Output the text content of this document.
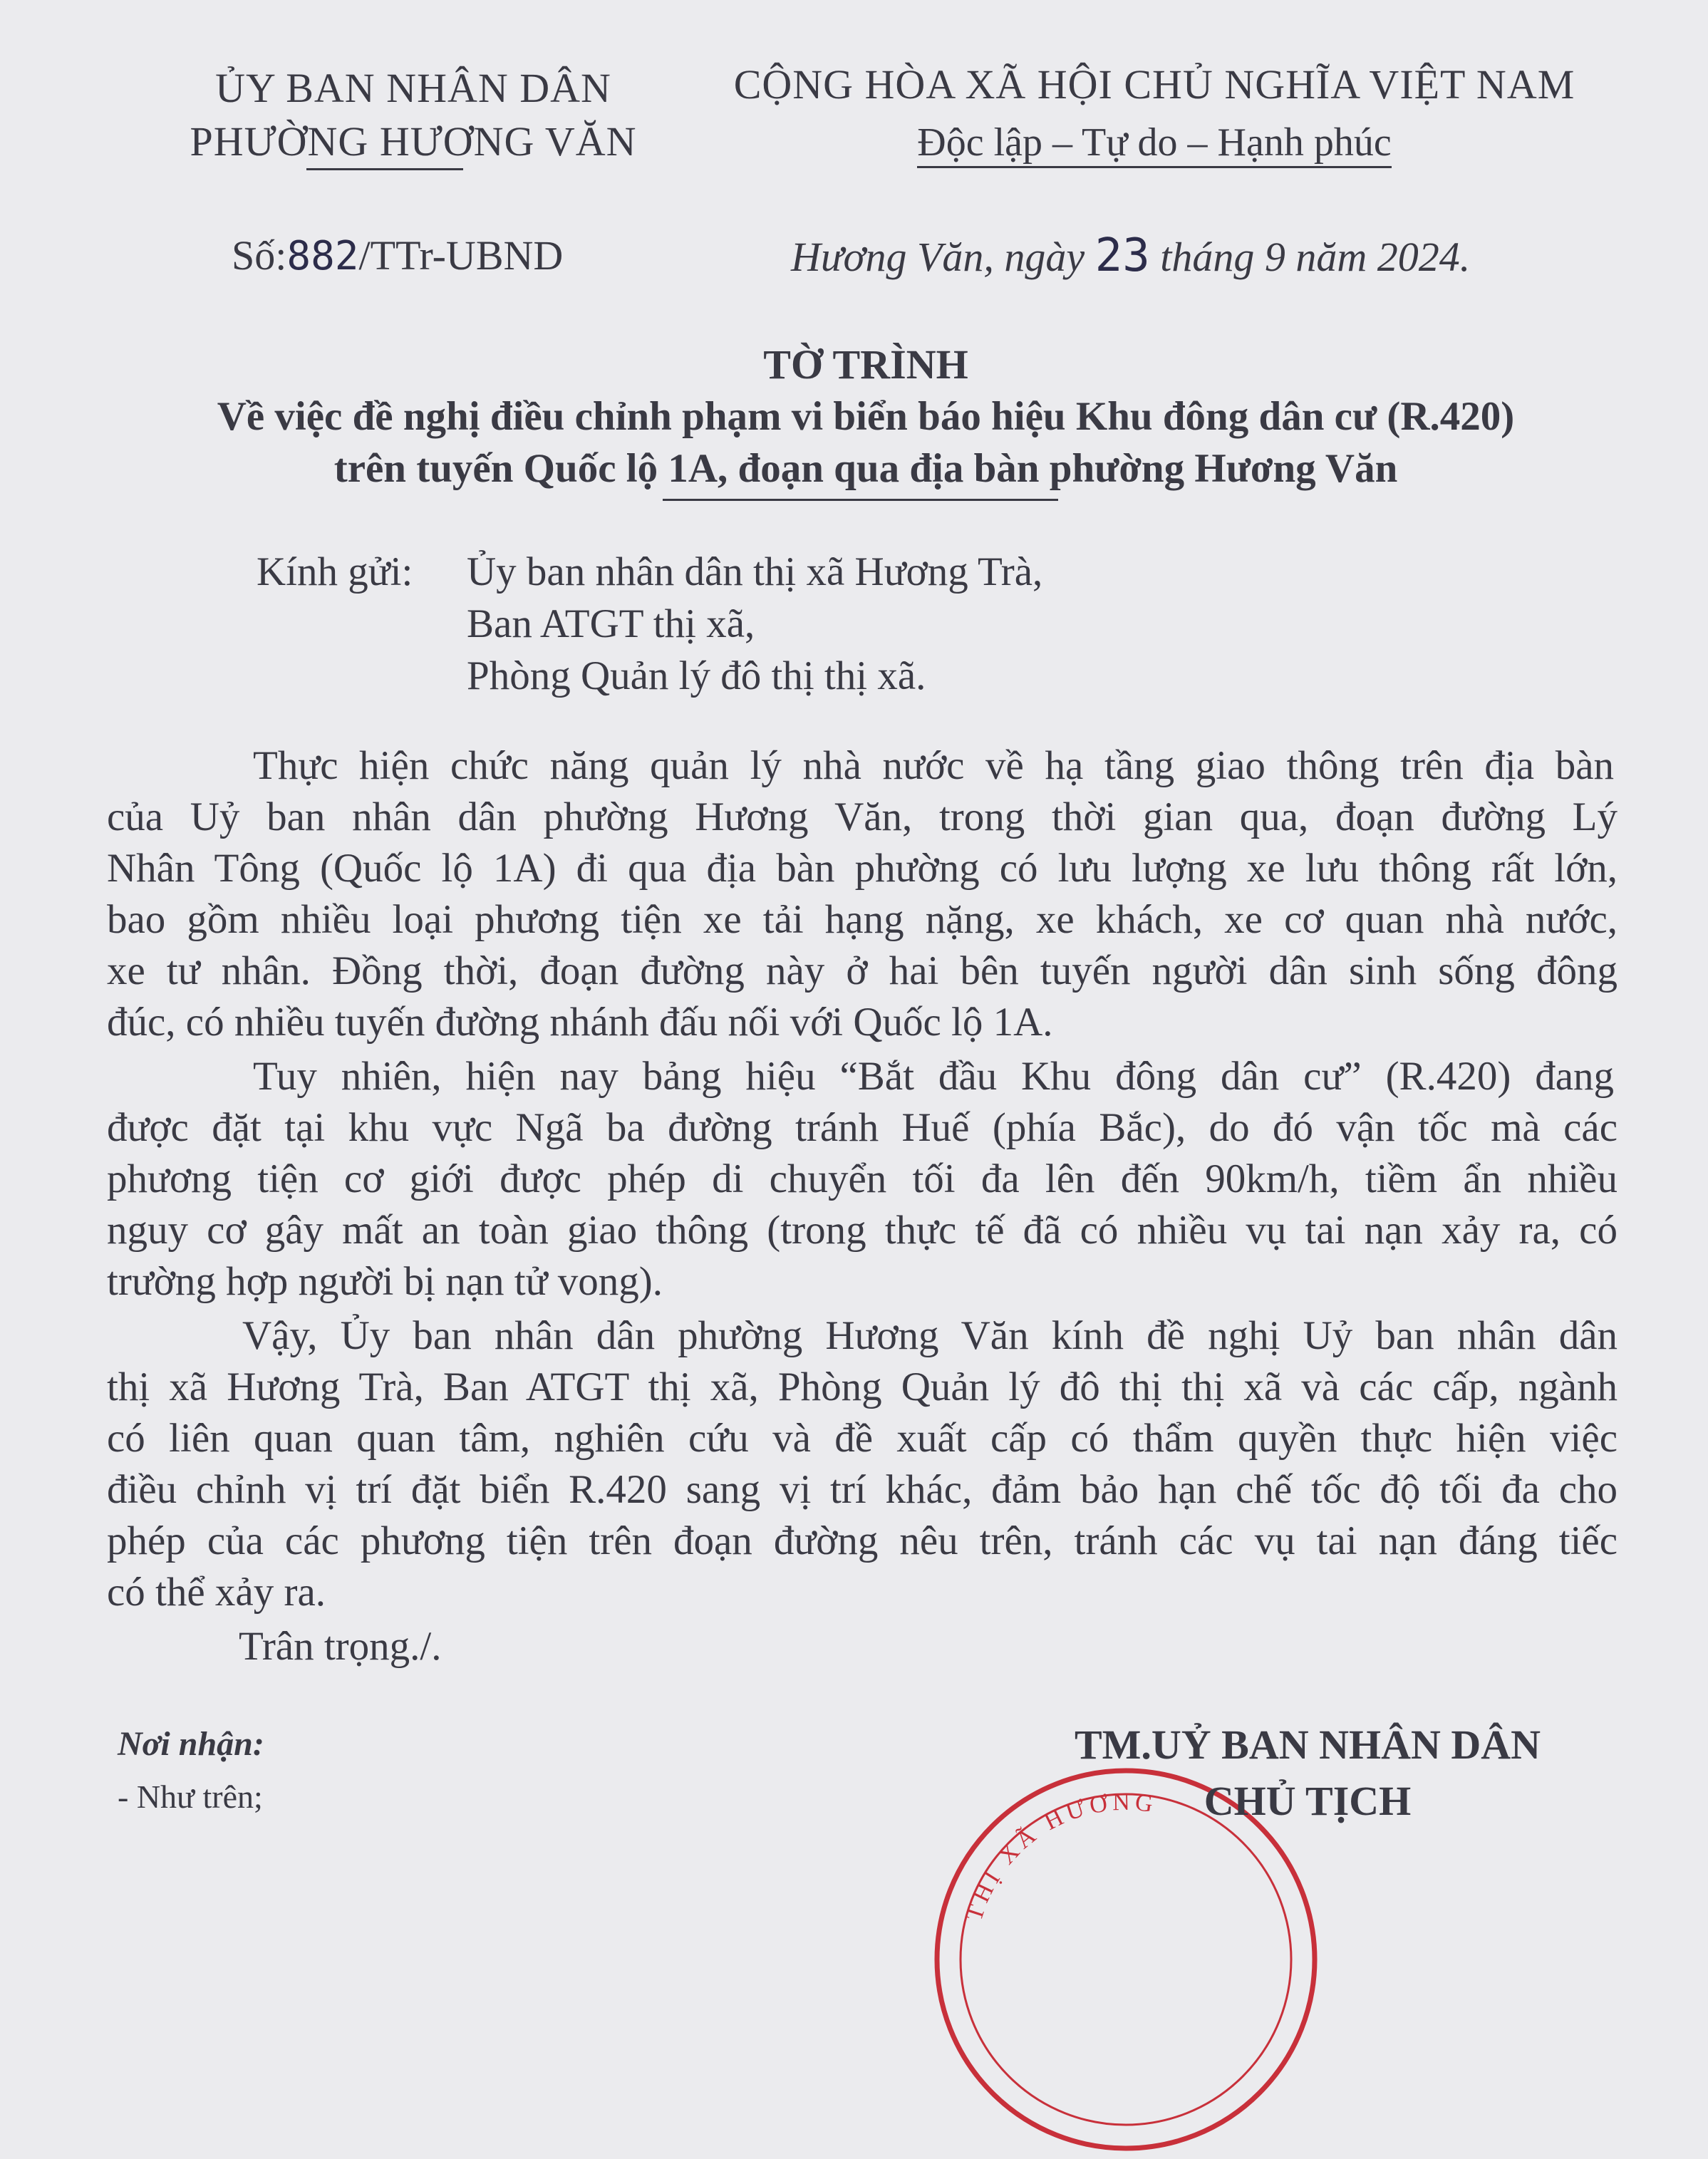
ỦY BAN NHÂN DÂN
PHƯỜNG HƯƠNG VĂN
CỘNG HÒA XÃ HỘI CHỦ NGHĨA VIỆT NAM
Độc lập – Tự do – Hạnh phúc
Số:882/TTr-UBND	Hương Văn, ngày 23 tháng 9 năm 2024.
TỜ TRÌNH
Về việc đề nghị điều chỉnh phạm vi biển báo hiệu Khu đông dân cư (R.420)
trên tuyến Quốc lộ 1A, đoạn qua địa bàn phường Hương Văn
Kính gửi: Ủy ban nhân dân thị xã Hương Trà,
Ban ATGT thị xã,
Phòng Quản lý đô thị thị xã.
Thực hiện chức năng quản lý nhà nước về hạ tầng giao thông trên địa bàn
của Uỷ ban nhân dân phường Hương Văn, trong thời gian qua, đoạn đường Lý
Nhân Tông (Quốc lộ 1A) đi qua địa bàn phường có lưu lượng xe lưu thông rất lớn,
bao gồm nhiều loại phương tiện xe tải hạng nặng, xe khách, xe cơ quan nhà nước,
xe tư nhân. Đồng thời, đoạn đường này ở hai bên tuyến người dân sinh sống đông
đúc, có nhiều tuyến đường nhánh đấu nối với Quốc lộ 1A.
Tuy nhiên, hiện nay bảng hiệu “Bắt đầu Khu đông dân cư” (R.420) đang
được đặt tại khu vực Ngã ba đường tránh Huế (phía Bắc), do đó vận tốc mà các
phương tiện cơ giới được phép di chuyển tối đa lên đến 90km/h, tiềm ẩn nhiều
nguy cơ gây mất an toàn giao thông (trong thực tế đã có nhiều vụ tai nạn xảy ra, có
trường hợp người bị nạn tử vong).
Vậy, Ủy ban nhân dân phường Hương Văn kính đề nghị Uỷ ban nhân dân
thị xã Hương Trà, Ban ATGT thị xã, Phòng Quản lý đô thị thị xã và các cấp, ngành
có liên quan quan tâm, nghiên cứu và đề xuất cấp có thẩm quyền thực hiện việc
điều chỉnh vị trí đặt biển R.420 sang vị trí khác, đảm bảo hạn chế tốc độ tối đa cho
phép của các phương tiện trên đoạn đường nêu trên, tránh các vụ tai nạn đáng tiếc
có thể xảy ra.
Trân trọng./.
Nơi nhận:
- Như trên;
THỊ XÃ HƯƠNG
TM.UỶ BAN NHÂN DÂN
CHỦ TỊCH
